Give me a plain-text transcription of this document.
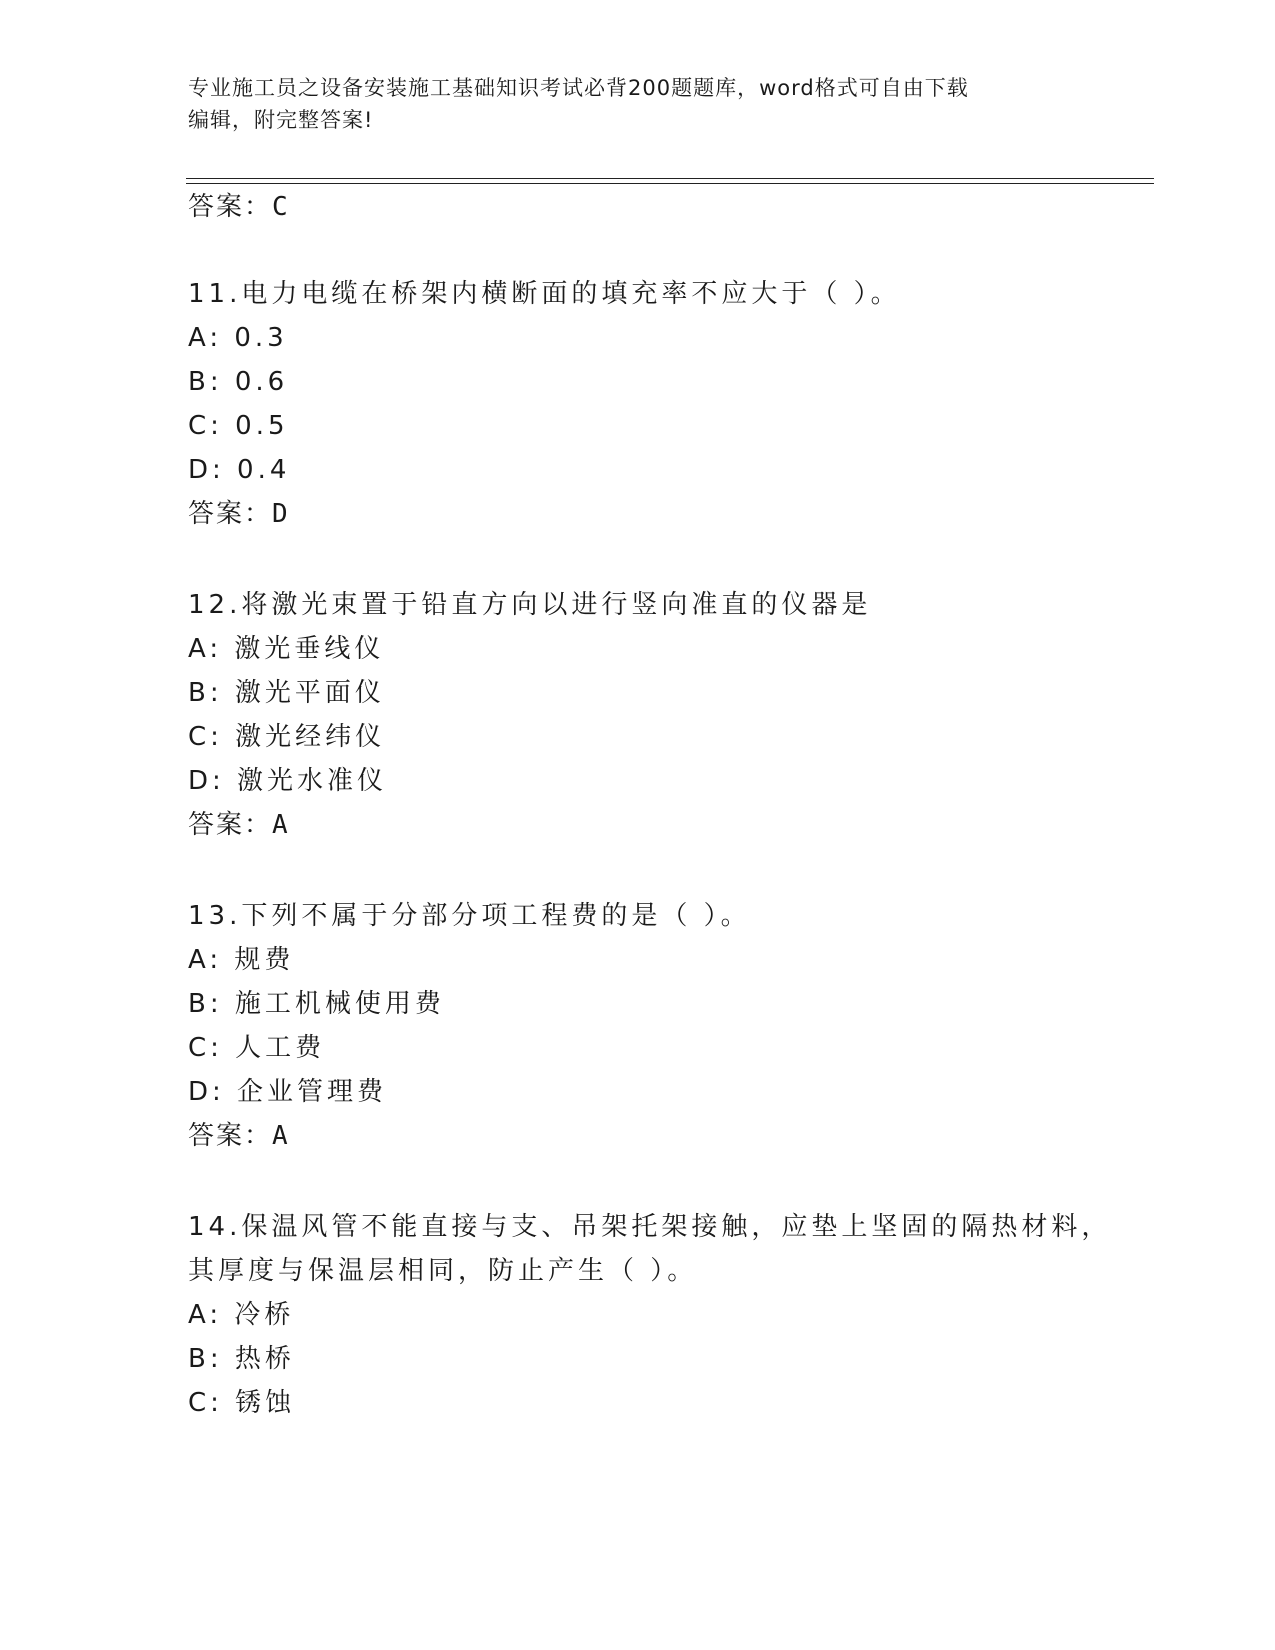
专业施工员之设备安装施工基础知识考试必背200题题库，word格式可自由下载
编辑，附完整答案!
答案：C
11.电力电缆在桥架内横断面的填充率不应大于（ ）。
A: 0.3
B: 0.6
C: 0.5
D: 0.4
答案：D
12.将激光束置于铅直方向以进行竖向准直的仪器是
A: 激光垂线仪
B: 激光平面仪
C: 激光经纬仪
D: 激光水准仪
答案：A
13.下列不属于分部分项工程费的是（ ）。
A: 规费
B: 施工机械使用费
C: 人工费
D: 企业管理费
答案：A
14.保温风管不能直接与支、吊架托架接触，应垫上坚固的隔热材料，
其厚度与保温层相同，防止产生（ ）。
A: 冷桥
B: 热桥
C: 锈蚀
